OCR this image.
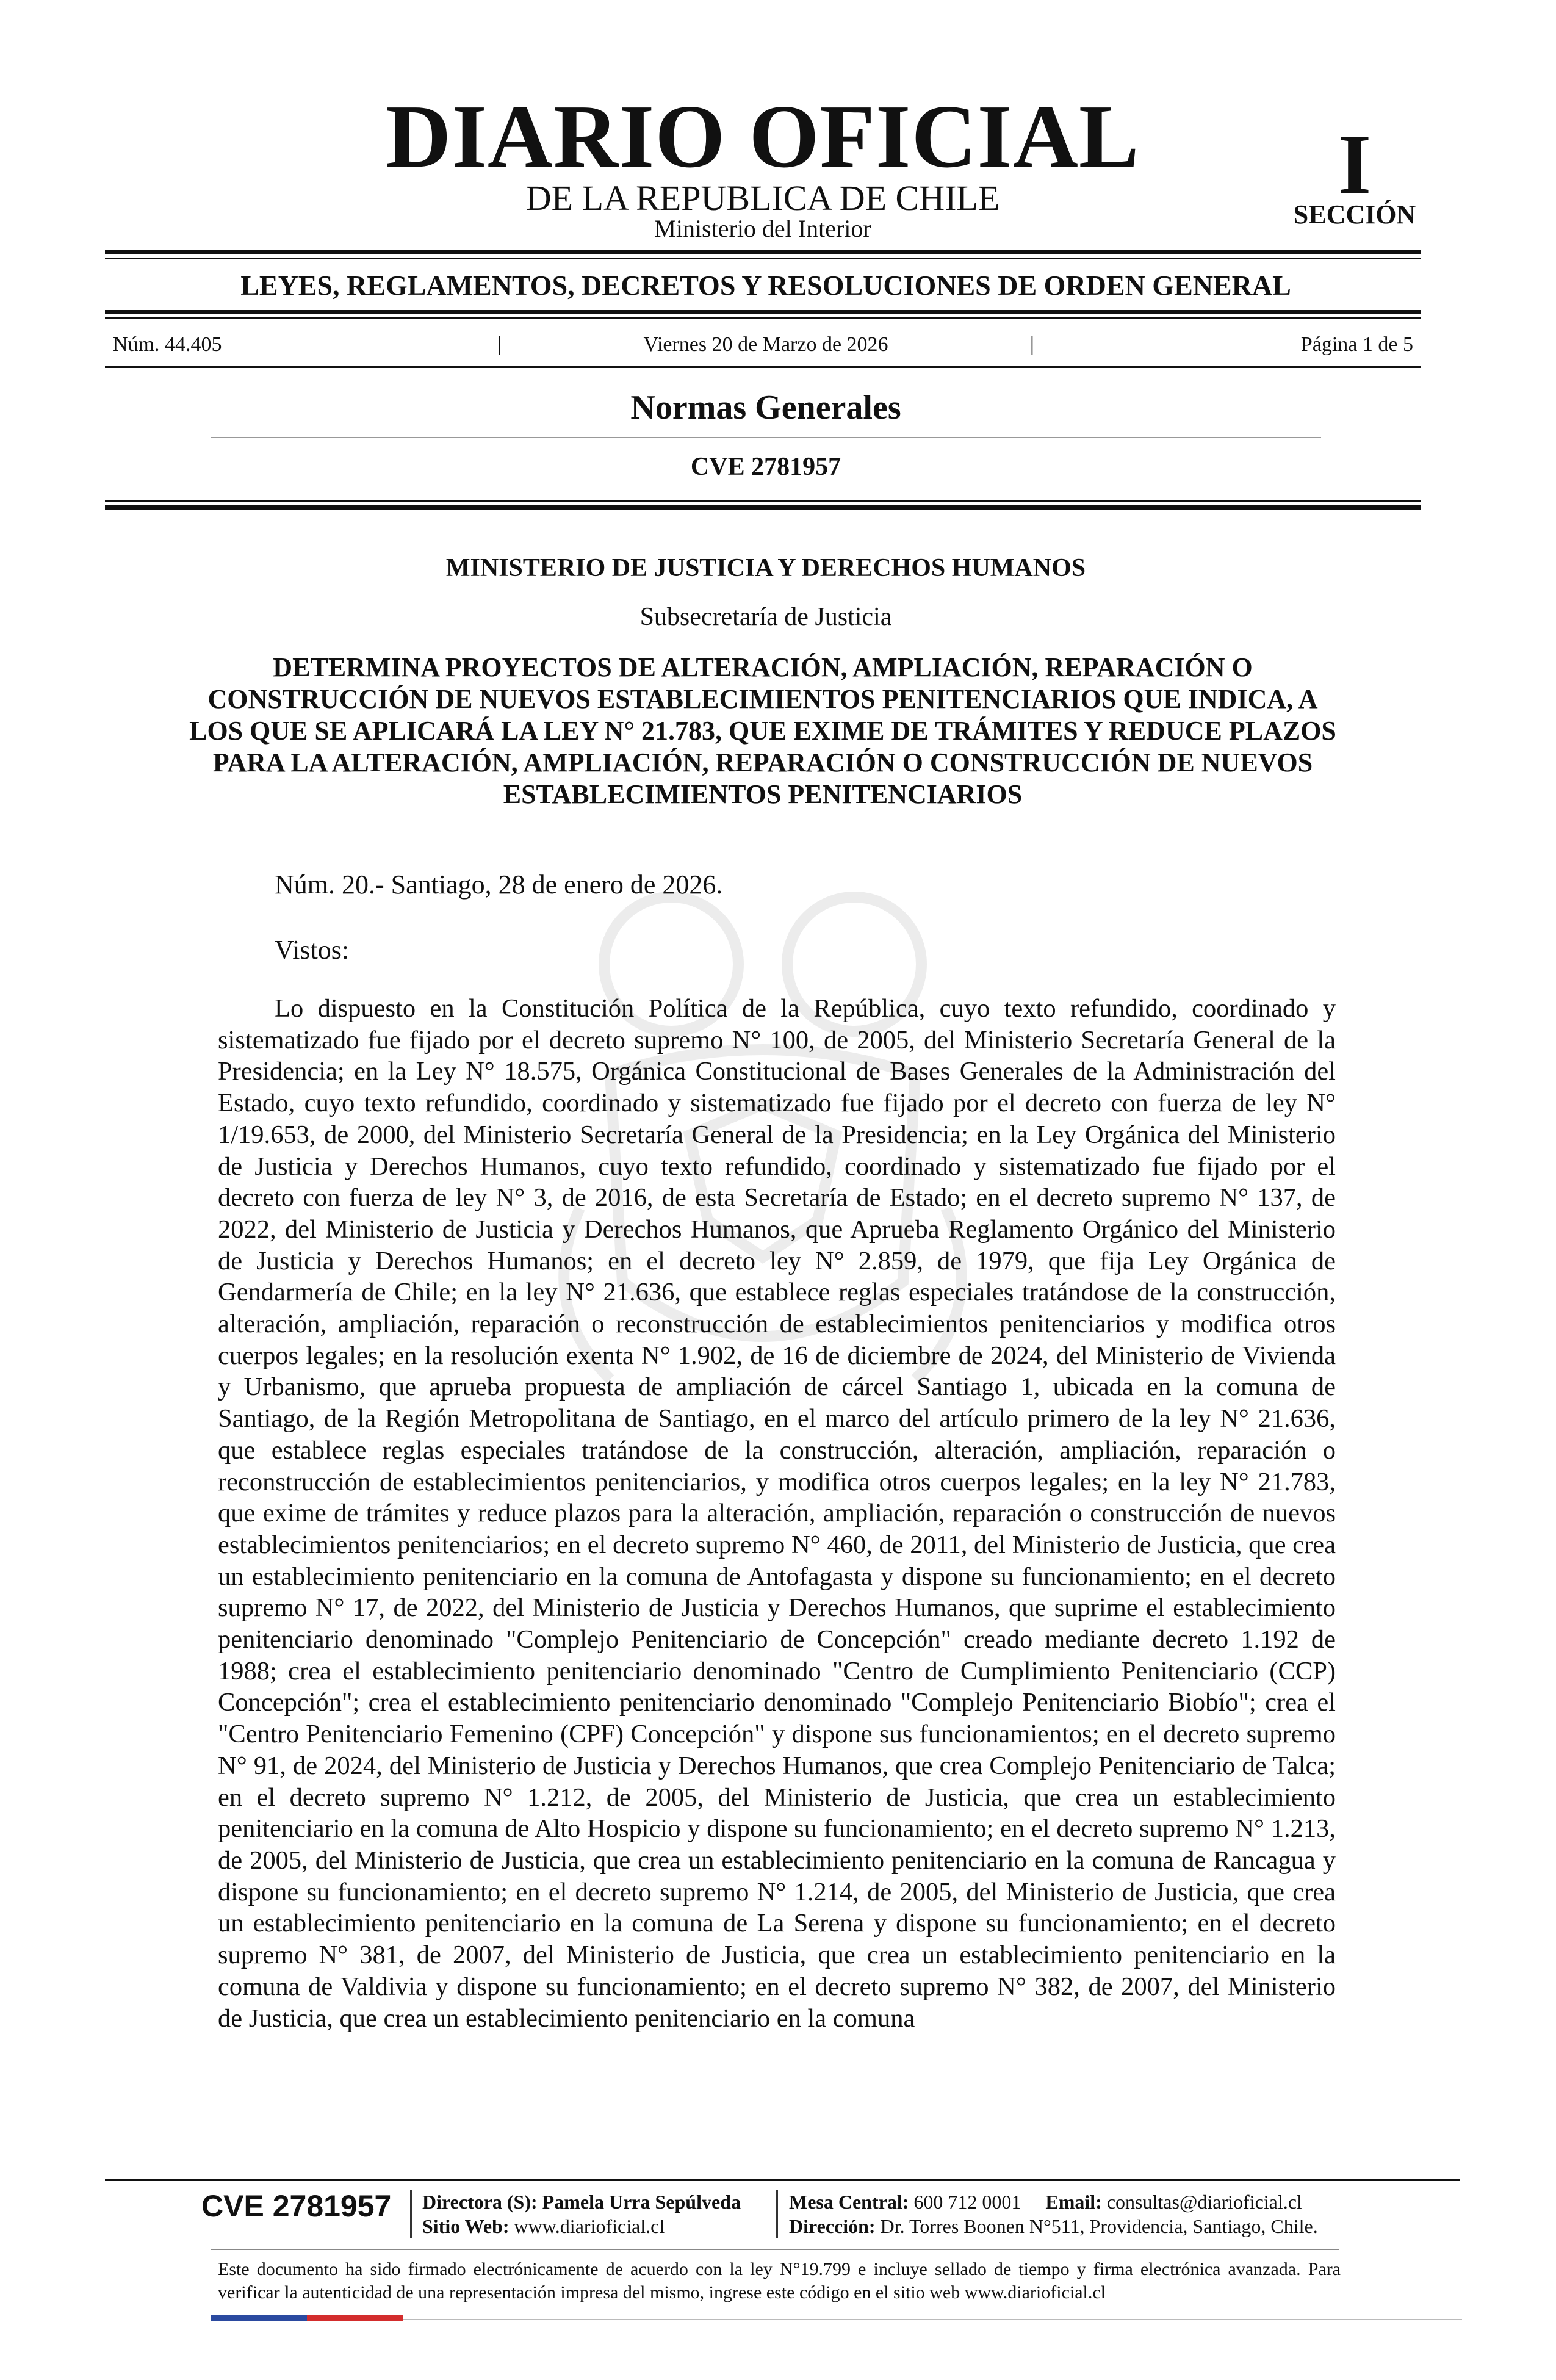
DIARIO OFICIAL
DE LA REPUBLICA DE CHILE
Ministerio del Interior
I
SECCIÓN
LEYES, REGLAMENTOS, DECRETOS Y RESOLUCIONES DE ORDEN GENERAL
Núm. 44.405	|	Viernes 20 de Marzo de 2026	|	Página 1 de 5
Normas Generales
CVE 2781957
MINISTERIO DE JUSTICIA Y DERECHOS HUMANOS
Subsecretaría de Justicia
DETERMINA PROYECTOS DE ALTERACIÓN, AMPLIACIÓN, REPARACIÓN O CONSTRUCCIÓN DE NUEVOS ESTABLECIMIENTOS PENITENCIARIOS QUE INDICA, A LOS QUE SE APLICARÁ LA LEY N° 21.783, QUE EXIME DE TRÁMITES Y REDUCE PLAZOS PARA LA ALTERACIÓN, AMPLIACIÓN, REPARACIÓN O CONSTRUCCIÓN DE NUEVOS ESTABLECIMIENTOS PENITENCIARIOS
Núm. 20.- Santiago, 28 de enero de 2026.
Vistos:

Lo dispuesto en la Constitución Política de la República, cuyo texto refundido, coordinado y sistematizado fue fijado por el decreto supremo N° 100, de 2005, del Ministerio Secretaría General de la Presidencia; en la Ley N° 18.575, Orgánica Constitucional de Bases Generales de la Administración del Estado, cuyo texto refundido, coordinado y sistematizado fue fijado por el decreto con fuerza de ley N° 1/19.653, de 2000, del Ministerio Secretaría General de la Presidencia; en la Ley Orgánica del Ministerio de Justicia y Derechos Humanos, cuyo texto refundido, coordinado y sistematizado fue fijado por el decreto con fuerza de ley N° 3, de 2016, de esta Secretaría de Estado; en el decreto supremo N° 137, de 2022, del Ministerio de Justicia y Derechos Humanos, que Aprueba Reglamento Orgánico del Ministerio de Justicia y Derechos Humanos; en el decreto ley N° 2.859, de 1979, que fija Ley Orgánica de Gendarmería de Chile; en la ley N° 21.636, que establece reglas especiales tratándose de la construcción, alteración, ampliación, reparación o reconstrucción de establecimientos penitenciarios y modifica otros cuerpos legales; en la resolución exenta N° 1.902, de 16 de diciembre de 2024, del Ministerio de Vivienda y Urbanismo, que aprueba propuesta de ampliación de cárcel Santiago 1, ubicada en la comuna de Santiago, de la Región Metropolitana de Santiago, en el marco del artículo primero de la ley N° 21.636, que establece reglas especiales tratándose de la construcción, alteración, ampliación, reparación o reconstrucción de establecimientos penitenciarios, y modifica otros cuerpos legales; en la ley N° 21.783, que exime de trámites y reduce plazos para la alteración, ampliación, reparación o construcción de nuevos establecimientos penitenciarios; en el decreto supremo N° 460, de 2011, del Ministerio de Justicia, que crea un establecimiento penitenciario en la comuna de Antofagasta y dispone su funcionamiento; en el decreto supremo N° 17, de 2022, del Ministerio de Justicia y Derechos Humanos, que suprime el establecimiento penitenciario denominado "Complejo Penitenciario de Concepción" creado mediante decreto 1.192 de 1988; crea el establecimiento penitenciario denominado "Centro de Cumplimiento Penitenciario (CCP) Concepción"; crea el establecimiento penitenciario denominado "Complejo Penitenciario Biobío"; crea el "Centro Penitenciario Femenino (CPF) Concepción" y dispone sus funcionamientos; en el decreto supremo N° 91, de 2024, del Ministerio de Justicia y Derechos Humanos, que crea Complejo Penitenciario de Talca; en el decreto supremo N° 1.212, de 2005, del Ministerio de Justicia, que crea un establecimiento penitenciario en la comuna de Alto Hospicio y dispone su funcionamiento; en el decreto supremo N° 1.213, de 2005, del Ministerio de Justicia, que crea un establecimiento penitenciario en la comuna de Rancagua y dispone su funcionamiento; en el decreto supremo N° 1.214, de 2005, del Ministerio de Justicia, que crea un establecimiento penitenciario en la comuna de La Serena y dispone su funcionamiento; en el decreto supremo N° 381, de 2007, del Ministerio de Justicia, que crea un establecimiento penitenciario en la comuna de Valdivia y dispone su funcionamiento; en el decreto supremo N° 382, de 2007, del Ministerio de Justicia, que crea un establecimiento penitenciario en la comuna

CVE 2781957 Directora (S): Pamela Urra Sepúlveda
Sitio Web: www.diarioficial.cl
Mesa Central: 600 712 0001 Email: consultas@diarioficial.cl
Dirección: Dr. Torres Boonen N°511, Providencia, Santiago, Chile.

Este documento ha sido firmado electrónicamente de acuerdo con la ley N°19.799 e incluye sellado de tiempo y firma electrónica avanzada. Para verificar la autenticidad de una representación impresa del mismo, ingrese este código en el sitio web www.diarioficial.cl
